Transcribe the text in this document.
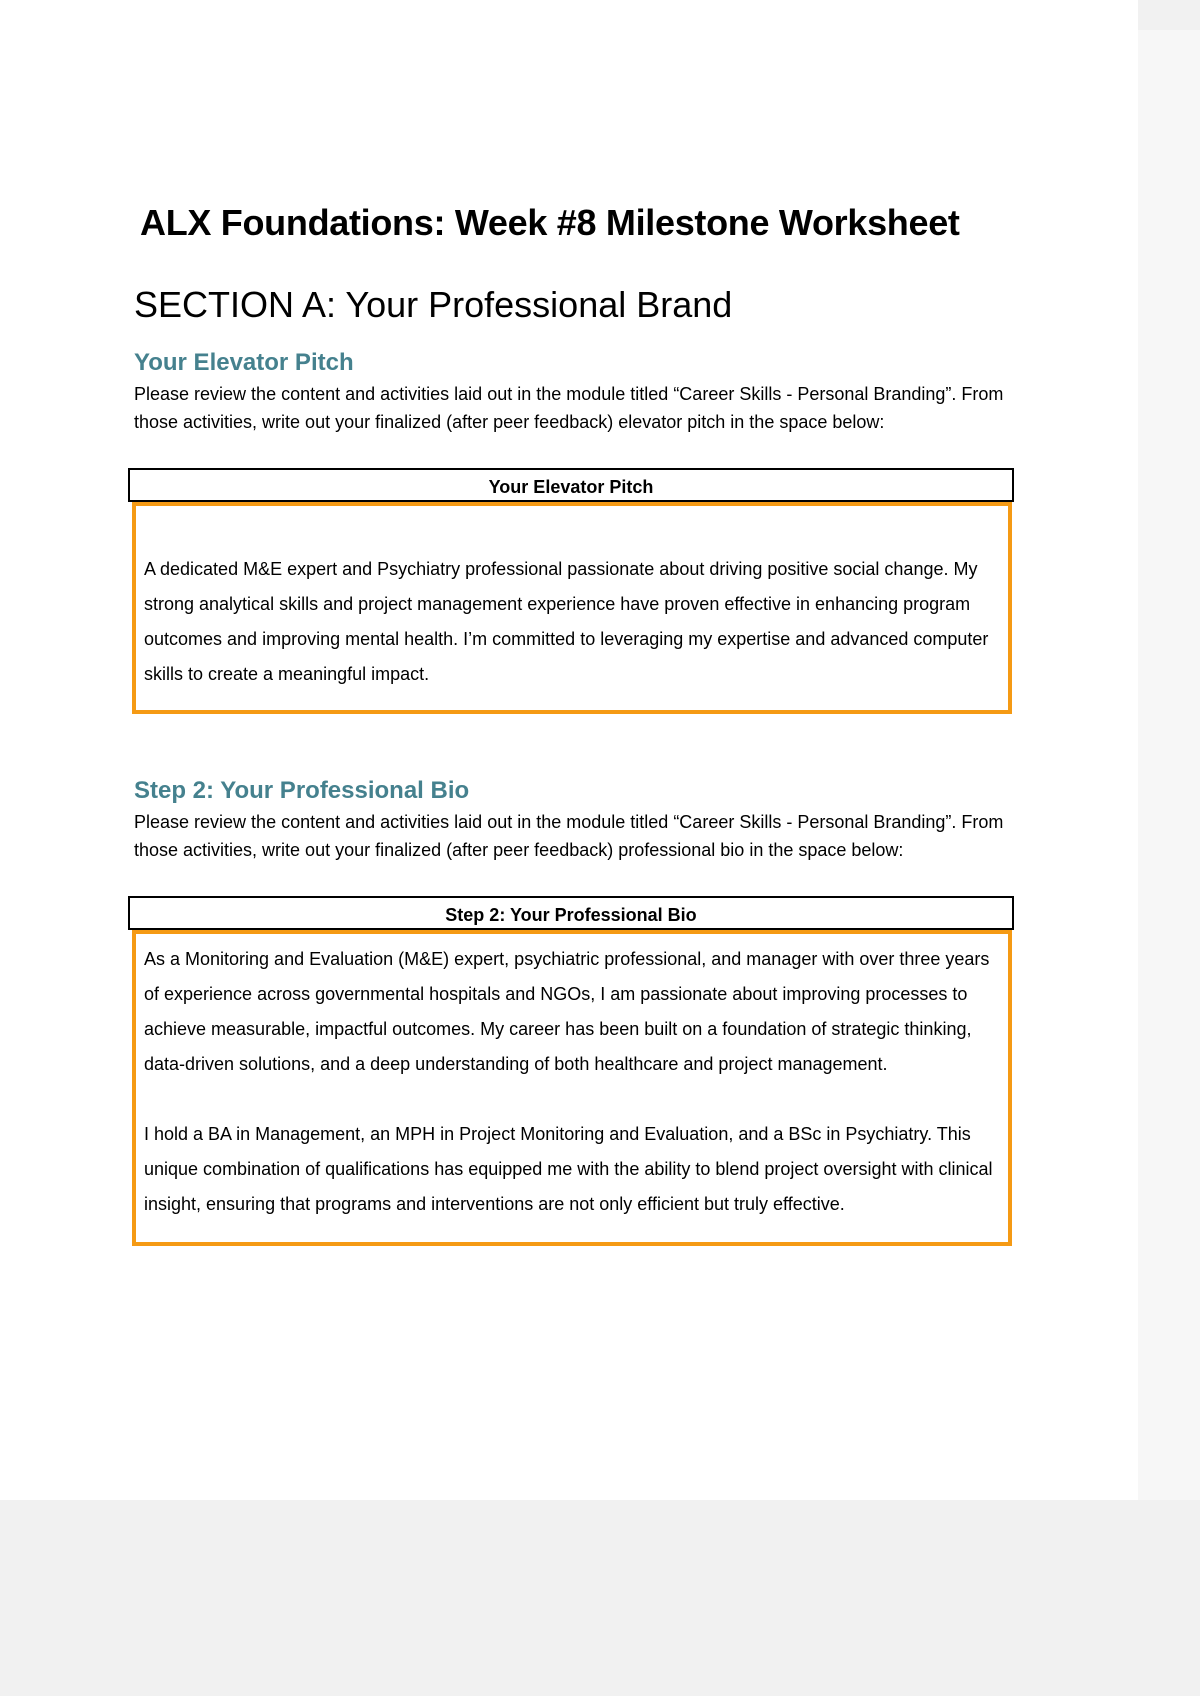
ALX Foundations: Week #8 Milestone Worksheet
SECTION A: Your Professional Brand
Your Elevator Pitch

Please review the content and activities laid out in the module titled “Career Skills - Personal Branding”. From those activities, write out your finalized (after peer feedback) elevator pitch in the space below:

Your Elevator Pitch

A dedicated M&E expert and Psychiatry professional passionate about driving positive social change. My strong analytical skills and project management experience have proven effective in enhancing program outcomes and improving mental health. I’m committed to leveraging my expertise and advanced computer skills to create a meaningful impact.

Step 2: Your Professional Bio

Please review the content and activities laid out in the module titled “Career Skills - Personal Branding”. From those activities, write out your finalized (after peer feedback) professional bio in the space below:

Step 2: Your Professional Bio

As a Monitoring and Evaluation (M&E) expert, psychiatric professional, and manager with over three years of experience across governmental hospitals and NGOs, I am passionate about improving processes to achieve measurable, impactful outcomes. My career has been built on a foundation of strategic thinking, data-driven solutions, and a deep understanding of both healthcare and project management.

I hold a BA in Management, an MPH in Project Monitoring and Evaluation, and a BSc in Psychiatry. This unique combination of qualifications has equipped me with the ability to blend project oversight with clinical insight, ensuring that programs and interventions are not only efficient but truly effective.
